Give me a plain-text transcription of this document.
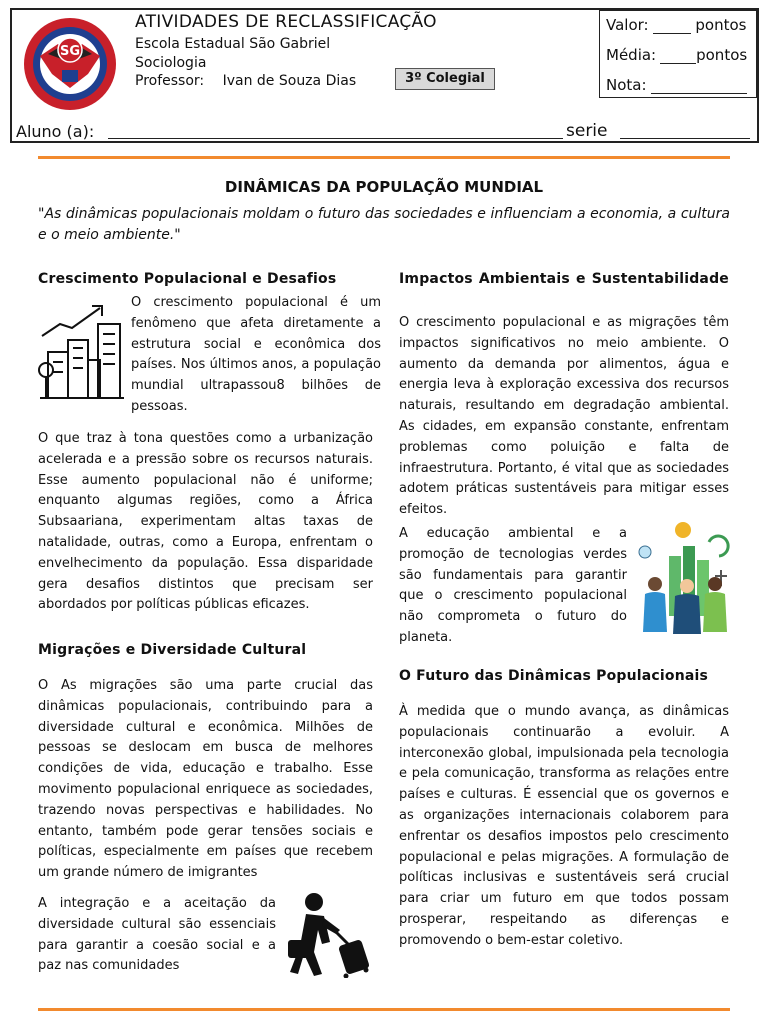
SG
ATIVIDADES DE RECLASSIFICAÇÃO
Escola Estadual São Gabriel
Sociologia
Professor: Ivan de Souza Dias	3º Colegial
Valor:	pontos
Média:	pontos
Nota:
Aluno (a):	serie
DINÂMICAS DA POPULAÇÃO MUNDIAL
"As dinâmicas populacionais moldam o futuro das sociedades e influenciam a economia, a cultura e o meio ambiente."
Crescimento Populacional e Desafios
O crescimento populacional é um fenômeno que afeta diretamente a estrutura social e econômica dos países. Nos últimos anos, a população mundial ultrapassou8 bilhões de pessoas.
O que traz à tona questões como a urbanização acelerada e a pressão sobre os recursos naturais. Esse aumento populacional não é uniforme; enquanto algumas regiões, como a África Subsaariana, experimentam altas taxas de natalidade, outras, como a Europa, enfrentam o envelhecimento da população. Essa disparidade gera desafios distintos que precisam ser abordados por políticas públicas eficazes.
Migrações e Diversidade Cultural
O As migrações são uma parte crucial das dinâmicas populacionais, contribuindo para a diversidade cultural e econômica. Milhões de pessoas se deslocam em busca de melhores condições de vida, educação e trabalho. Esse movimento populacional enriquece as sociedades, trazendo novas perspectivas e habilidades. No entanto, também pode gerar tensões sociais e políticas, especialmente em países que recebem um grande número de imigrantes
A integração e a aceitação da diversidade cultural são essenciais para garantir a coesão social e a paz nas comunidades
Impactos Ambientais e Sustentabilidade
O crescimento populacional e as migrações têm impactos significativos no meio ambiente. O aumento da demanda por alimentos, água e energia leva à exploração excessiva dos recursos naturais, resultando em degradação ambiental. As cidades, em expansão constante, enfrentam problemas como poluição e falta de infraestrutura. Portanto, é vital que as sociedades adotem práticas sustentáveis para mitigar esses efeitos.
A educação ambiental e a promoção de tecnologias verdes são fundamentais para garantir que o crescimento populacional não comprometa o futuro do planeta.
O Futuro das Dinâmicas Populacionais
À medida que o mundo avança, as dinâmicas populacionais continuarão a evoluir. A interconexão global, impulsionada pela tecnologia e pela comunicação, transforma as relações entre países e culturas. É essencial que os governos e as organizações internacionais colaborem para enfrentar os desafios impostos pelo crescimento populacional e pelas migrações. A formulação de políticas inclusivas e sustentáveis será crucial para criar um futuro em que todos possam prosperar, respeitando as diferenças e promovendo o bem-estar coletivo.
